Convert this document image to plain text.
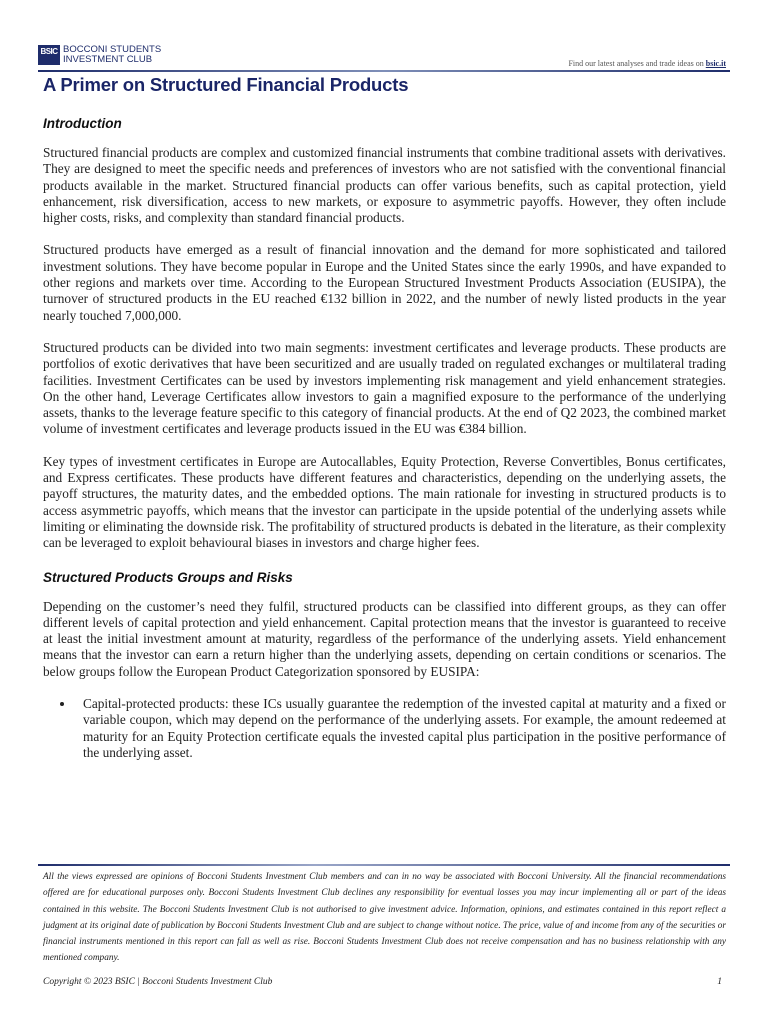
BSIC BOCCONI STUDENTS
INVESTMENT CLUB	Find our latest analyses and trade ideas on bsic.it
A Primer on Structured Financial Products
Introduction

Structured financial products are complex and customized financial instruments that combine traditional assets with derivatives. They are designed to meet the specific needs and preferences of investors who are not satisfied with the conventional financial products available in the market. Structured financial products can offer various benefits, such as capital protection, yield enhancement, risk diversification, access to new markets, or exposure to asymmetric payoffs. However, they often include higher costs, risks, and complexity than standard financial products.

Structured products have emerged as a result of financial innovation and the demand for more sophisticated and tailored investment solutions. They have become popular in Europe and the United States since the early 1990s, and have expanded to other regions and markets over time. According to the European Structured Investment Products Association (EUSIPA), the turnover of structured products in the EU reached €132 billion in 2022, and the number of newly listed products in the year nearly touched 7,000,000.

Structured products can be divided into two main segments: investment certificates and leverage products. These products are portfolios of exotic derivatives that have been securitized and are usually traded on regulated exchanges or multilateral trading facilities. Investment Certificates can be used by investors implementing risk management and yield enhancement strategies. On the other hand, Leverage Certificates allow investors to gain a magnified exposure to the performance of the underlying assets, thanks to the leverage feature specific to this category of financial products. At the end of Q2 2023, the combined market volume of investment certificates and leverage products issued in the EU was €384 billion.

Key types of investment certificates in Europe are Autocallables, Equity Protection, Reverse Convertibles, Bonus certificates, and Express certificates. These products have different features and characteristics, depending on the underlying assets, the payoff structures, the maturity dates, and the embedded options. The main rationale for investing in structured products is to access asymmetric payoffs, which means that the investor can participate in the upside potential of the underlying assets while limiting or eliminating the downside risk. The profitability of structured products is debated in the literature, as their complexity can be leveraged to exploit behavioural biases in investors and charge higher fees.

Structured Products Groups and Risks

Depending on the customer’s need they fulfil, structured products can be classified into different groups, as they can offer different levels of capital protection and yield enhancement. Capital protection means that the investor is guaranteed to receive at least the initial investment amount at maturity, regardless of the performance of the underlying assets. Yield enhancement means that the investor can earn a return higher than the underlying assets, depending on certain conditions or scenarios. The below groups follow the European Product Categorization sponsored by EUSIPA:

• Capital-protected products: these ICs usually guarantee the redemption of the invested capital at maturity and a fixed or variable coupon, which may depend on the performance of the underlying assets. For example, the amount redeemed at maturity for an Equity Protection certificate equals the invested capital plus participation in the positive performance of the underlying asset.

All the views expressed are opinions of Bocconi Students Investment Club members and can in no way be associated with Bocconi University. All the financial recommendations offered are for educational purposes only. Bocconi Students Investment Club declines any responsibility for eventual losses you may incur implementing all or part of the ideas contained in this website. The Bocconi Students Investment Club is not authorised to give investment advice. Information, opinions, and estimates contained in this report reflect a judgment at its original date of publication by Bocconi Students Investment Club and are subject to change without notice. The price, value of and income from any of the securities or financial instruments mentioned in this report can fall as well as rise. Bocconi Students Investment Club does not receive compensation and has no business relationship with any mentioned company.

Copyright © 2023 BSIC | Bocconi Students Investment Club	1
